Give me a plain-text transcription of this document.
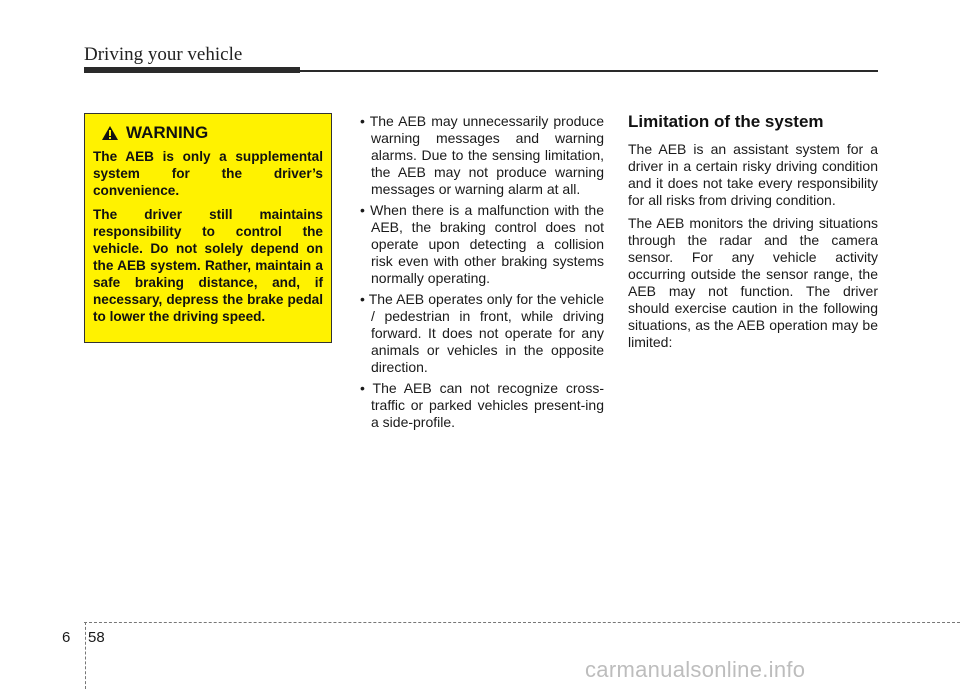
Driving your vehicle
WARNING

The AEB is only a supplemental system for the driver’s convenience.

The driver still maintains responsibility to control the vehicle. Do not solely depend on the AEB system. Rather, maintain a safe braking distance, and, if necessary, depress the brake pedal to lower the driving speed.

• The AEB may unnecessarily produce warning messages and warning alarms. Due to the sensing limitation, the AEB may not produce warning messages or warning alarm at all.

• When there is a malfunction with the AEB, the braking control does not operate upon detecting a collision risk even with other braking systems normally operating.

• The AEB operates only for the vehicle / pedestrian in front, while driving forward. It does not operate for any animals or vehicles in the opposite direction.

• The AEB can not recognize cross-traffic or parked vehicles present-ing a side-profile.

Limitation of the system

The AEB is an assistant system for a driver in a certain risky driving condition and it does not take every responsibility for all risks from driving condition.

The AEB monitors the driving situations through the radar and the camera sensor. For any vehicle activity occurring outside the sensor range, the AEB may not function. The driver should exercise caution in the following situations, as the AEB operation may be limited:

6 58
carmanualsonline.info
